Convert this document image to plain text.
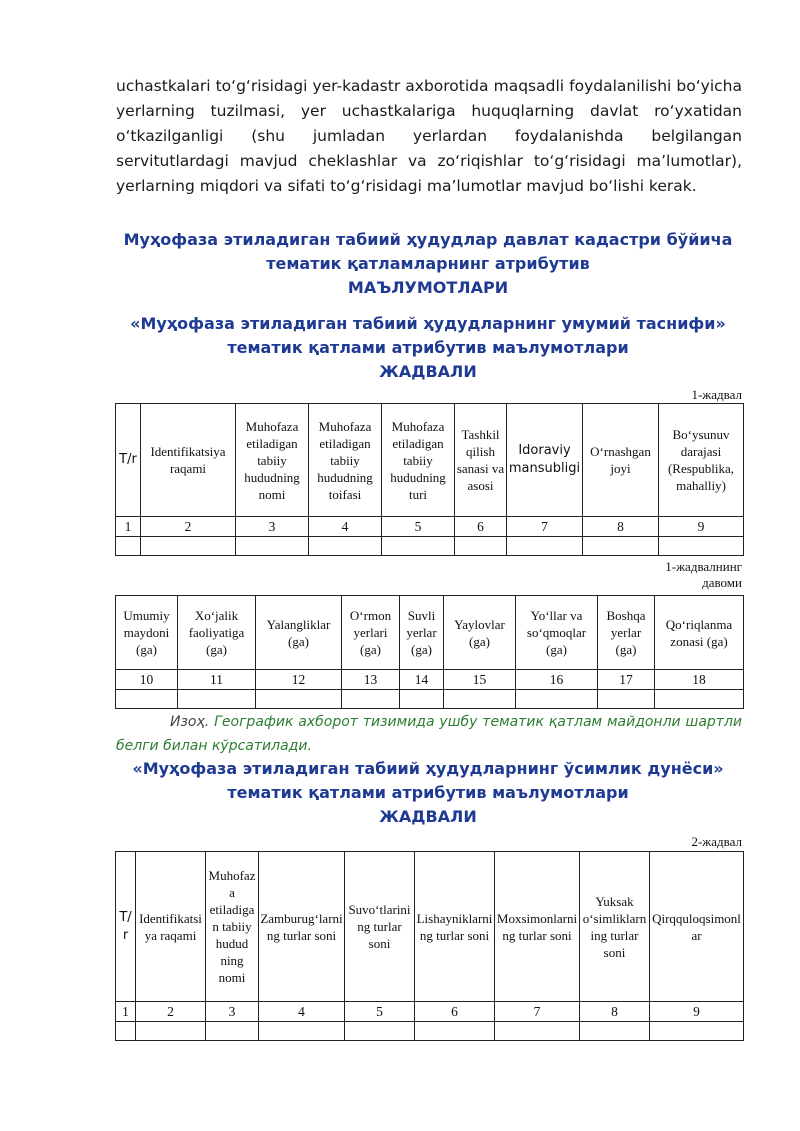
uchastkalari to‘g‘risidagi yer-kadastr axborotida maqsadli foydalanilishi bo‘yicha yerlarning tuzilmasi, yer uchastkalariga huquqlarning davlat ro‘yxatidan o‘tkazilganligi (shu jumladan yerlardan foydalanishda belgilangan servitutlardagi mavjud cheklashlar va zo‘riqishlar to‘g‘risidagi ma’lumotlar), yerlarning miqdori va sifati to‘g‘risidagi ma’lumotlar mavjud bo‘lishi kerak.

Муҳофаза этиладиган табиий ҳудудлар давлат кадастри бўйича
тематик қатламларнинг атрибутив
МАЪЛУМОТЛАРИ
«Муҳофаза этиладиган табиий ҳудудларнинг умумий таснифи»
тематик қатлами атрибутив маълумотлари
ЖАДВАЛИ
1-жадвал
T/r	Identifikatsiya raqami	Muhofaza etiladigan tabiiy hududning nomi	Muhofaza etiladigan tabiiy hududning toifasi	Muhofaza etiladigan tabiiy hududning turi	Tashkil qilish sanasi va asosi	Idoraviy mansubligi	O‘rnashgan joyi	Bo‘ysunuv darajasi (Respublika, mahalliy)
1	2	3	4	5	6	7	8	9

1-жадвалнинг
давоми
Umumiy maydoni (ga)	Xo‘jalik faoliyatiga (ga)	Yalangliklar (ga)	O‘rmon yerlari (ga)	Suvli yerlar (ga)	Yaylovlar (ga)	Yo‘llar va so‘qmoqlar (ga)	Boshqa yerlar (ga)	Qo‘riqlanma zonasi (ga)
10	11	12	13	14	15	16	17	18

Изоҳ. Географик ахборот тизимида ушбу тематик қатлам майдонли шартли белги билан кўрсатилади.

«Муҳофаза этиладиган табиий ҳудудларнинг ўсимлик дунёси»
тематик қатлами атрибутив маълумотлари
ЖАДВАЛИ
2-жадвал
T/r	Identifikatsiya raqami	Muhofaza etiladigan tabiiy hudud ning nomi	Zamburug‘larning turlar soni	Suvo‘tlarining turlar soni	Lishayniklarning turlar soni	Moxsimonlarning turlar soni	Yuksak o‘simliklarning turlar soni	Qirqquloqsimonlar
1	2	3	4	5	6	7	8	9
